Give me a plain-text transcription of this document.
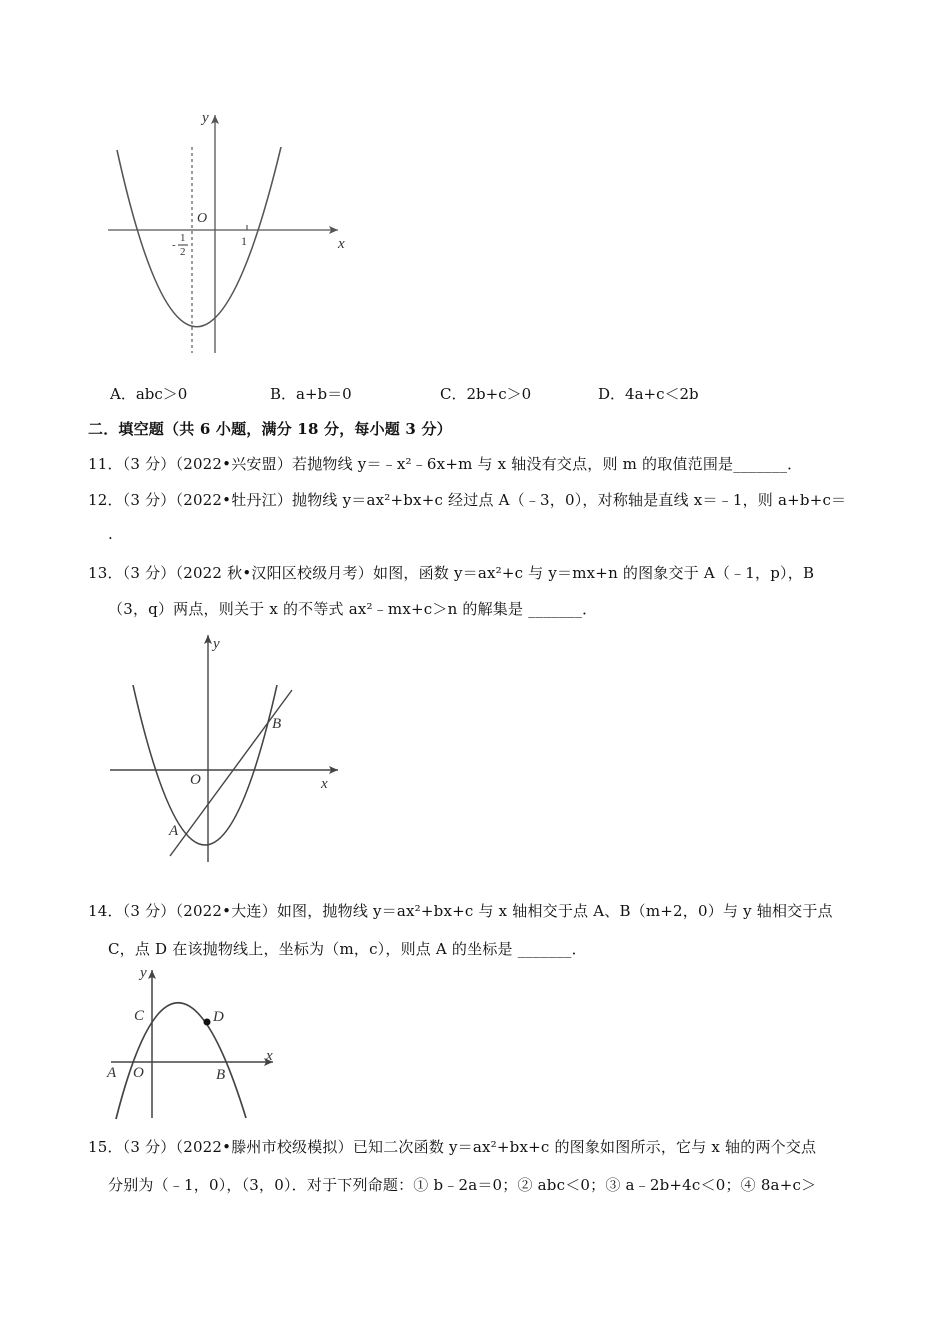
y
x
O
1
1
2
-
A．abc＞0	B．a+b＝0	C．2b+c＞0	D．4a+c＜2b
二．填空题（共 6 小题，满分 18 分，每小题 3 分）
11．（3 分）（2022•兴安盟）若抛物线 y＝﹣x²﹣6x+m 与 x 轴没有交点，则 m 的取值范围是_______．
12．（3 分）（2022•牡丹江）抛物线 y＝ax²+bx+c 经过点 A（﹣3，0），对称轴是直线 x＝﹣1，则 a+b+c＝
.
13．（3 分）（2022 秋•汉阳区校级月考）如图，函数 y＝ax²+c 与 y＝mx+n 的图象交于 A（﹣1，p），B
（3，q）两点，则关于 x 的不等式 ax²﹣mx+c＞n 的解集是 _______．
y
x
O
A
B
14．（3 分）（2022•大连）如图，抛物线 y＝ax²+bx+c 与 x 轴相交于点 A、B（m+2，0）与 y 轴相交于点
C，点 D 在该抛物线上，坐标为（m，c），则点 A 的坐标是 _______．
y
x
O
A	B
C	D
15．（3 分）（2022•滕州市校级模拟）已知二次函数 y＝ax²+bx+c 的图象如图所示，它与 x 轴的两个交点
分别为（﹣1，0），（3，0）．对于下列命题：① b﹣2a＝0；② abc＜0；③ a﹣2b+4c＜0；④ 8a+c＞
